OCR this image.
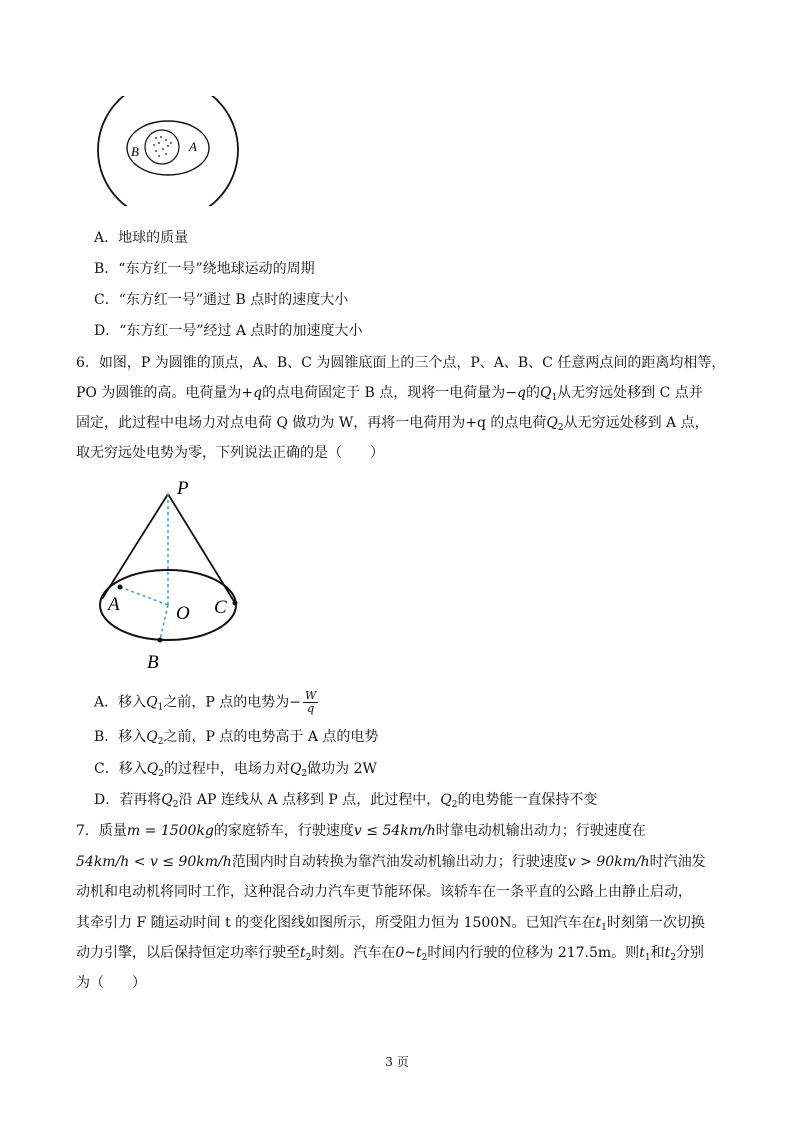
B	A
A．地球的质量
B．“东方红一号”绕地球运动的周期
C．“东方红一号”通过 B 点时的速度大小
D．“东方红一号”经过 A 点时的加速度大小
6．如图，P 为圆锥的顶点，A、B、C 为圆锥底面上的三个点，P、A、B、C 任意两点间的距离均相等，
PO 为圆锥的高。电荷量为+q的点电荷固定于 B 点，现将一电荷量为−q的$Q_1$从无穷远处移到 C 点并
固定，此过程中电场力对点电荷 Q 做功为 W，再将一电荷用为+q 的点电荷$Q_2$从无穷远处移到 A 点，
取无穷远处电势为零，下列说法正确的是（　　）
P
A	O C
B
A．移入$Q_1$之前，P 点的电势为− $\frac{W}{q}$
B．移入$Q_2$之前，P 点的电势高于 A 点的电势
C．移入$Q_2$的过程中，电场力对$Q_2$做功为 2W
D．若再将$Q_2$沿 AP 连线从 A 点移到 P 点，此过程中，$Q_2$的电势能一直保持不变
7．质量m = 1500kg的家庭轿车，行驶速度v ≤ 54km/h时靠电动机输出动力；行驶速度在
54km/h < v ≤ 90km/h范围内时自动转换为靠汽油发动机输出动力；行驶速度v > 90km/h时汽油发
动机和电动机将同时工作，这种混合动力汽车更节能环保。该轿车在一条平直的公路上由静止启动，
其牵引力 F 随运动时间 t 的变化图线如图所示，所受阻力恒为 1500N。已知汽车在$t_1$时刻第一次切换
动力引擎，以后保持恒定功率行驶至$t_2$时刻。汽车在$0\sim t_2$时间内行驶的位移为 217.5m。则$t_1$和$t_2$分别
为（　　）
3 页
